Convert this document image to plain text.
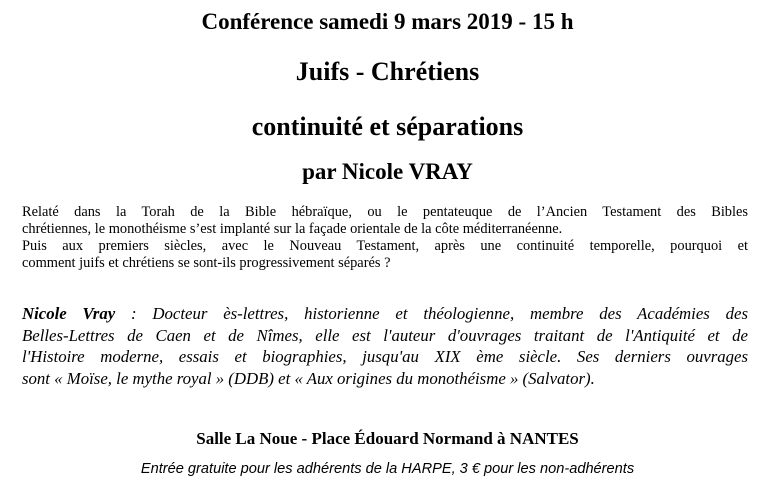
Conférence samedi 9 mars 2019 - 15 h
Juifs - Chrétiens
continuité et séparations
par Nicole VRAY
Relaté dans la Torah de la Bible hébraïque, ou le pentateuque de l’Ancien Testament des Bibles
chrétiennes, le monothéisme s’est implanté sur la façade orientale de la côte méditerranéenne.
Puis aux premiers siècles, avec le Nouveau Testament, après une continuité temporelle, pourquoi et
comment juifs et chrétiens se sont-ils progressivement séparés ?
Nicole Vray : Docteur ès-lettres, historienne et théologienne, membre des Académies des
Belles-Lettres de Caen et de Nîmes, elle est l'auteur d'ouvrages traitant de l'Antiquité et de
l'Histoire moderne, essais et biographies, jusqu'au XIX ème siècle. Ses derniers ouvrages
sont « Moïse, le mythe royal » (DDB) et « Aux origines du monothéisme » (Salvator).
Salle La Noue - Place Édouard Normand à NANTES
Entrée gratuite pour les adhérents de la HARPE, 3 € pour les non-adhérents
